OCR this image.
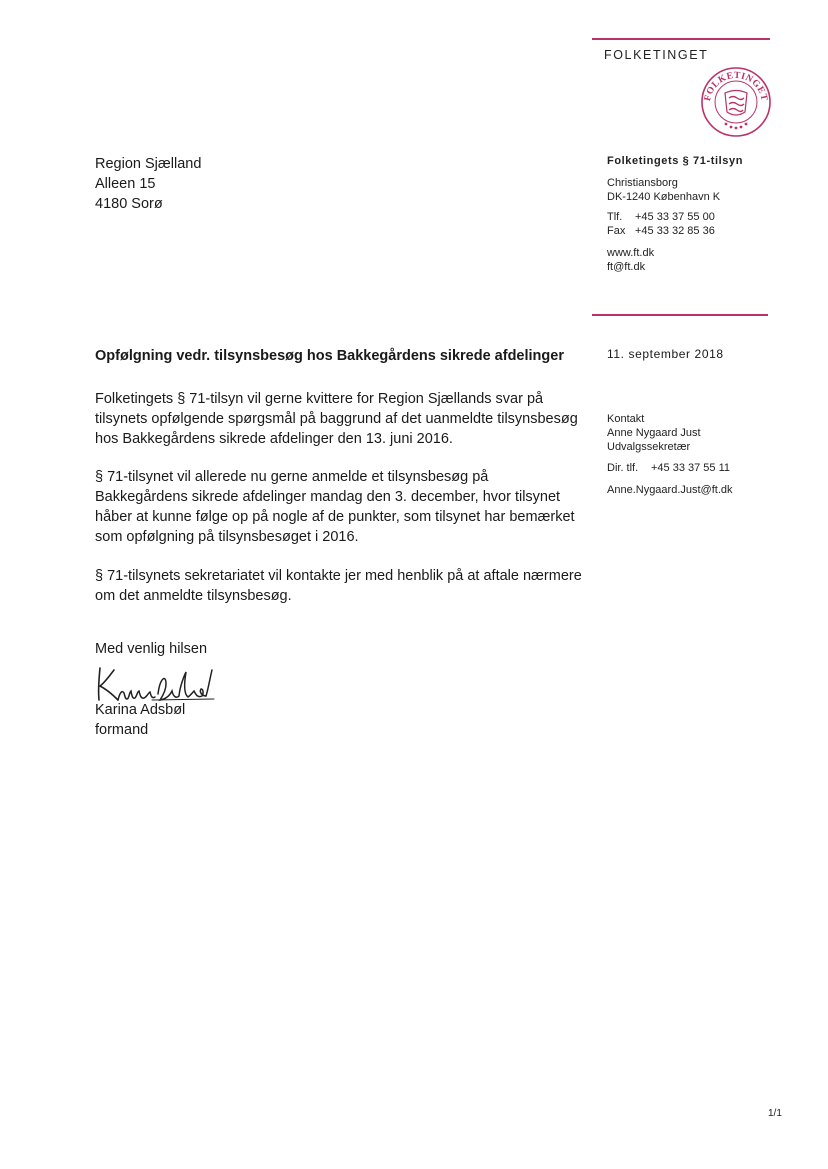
FOLKETINGET
FOLKETINGET
Region Sjælland
Alleen 15
4180 Sorø
Folketingets § 71-tilsyn
Christiansborg
DK-1240 København K
Tlf. +45 33 37 55 00
Fax +45 33 32 85 36
www.ft.dk
ft@ft.dk
Opfølgning vedr. tilsynsbesøg hos Bakkegårdens sikrede afdelinger	11. september 2018
Folketingets § 71-tilsyn vil gerne kvittere for Region Sjællands svar på tilsynets opfølgende spørgsmål på baggrund af det uanmeldte tilsynsbesøg hos Bakkegårdens sikrede afdelinger den 13. juni 2016.
§ 71-tilsynet vil allerede nu gerne anmelde et tilsynsbesøg på Bakkegårdens sikrede afdelinger mandag den 3. december, hvor tilsynet håber at kunne følge op på nogle af de punkter, som tilsynet har bemærket som opfølgning på tilsynsbesøget i 2016.
§ 71-tilsynets sekretariatet vil kontakte jer med henblik på at aftale nærmere om det anmeldte tilsynsbesøg.
Kontakt
Anne Nygaard Just
Udvalgssekretær
Dir. tlf. +45 33 37 55 11
Anne.Nygaard.Just@ft.dk
Med venlig hilsen
Karina Adsbøl
formand
1/1
